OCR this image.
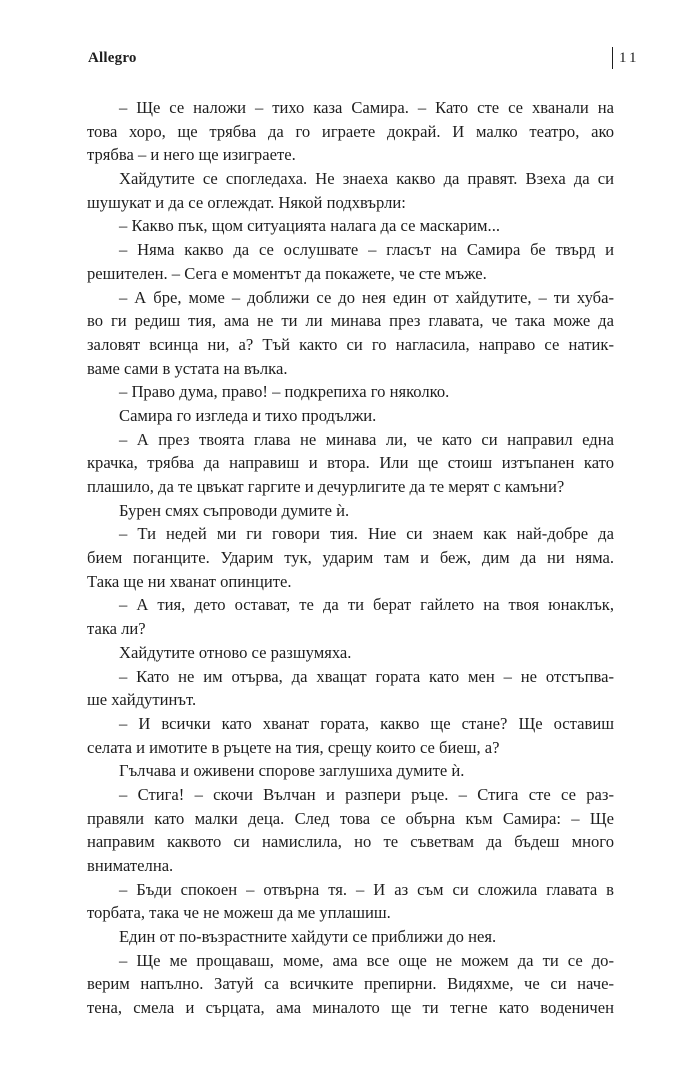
Allegro	11
– Ще се наложи – тихо каза Самира. – Като сте се хванали на
това хоро, ще трябва да го играете докрай. И малко театро, ако
трябва – и него ще изиграете.
Хайдутите се спогледаха. Не знаеха какво да правят. Взеха да си
шушукат и да се оглеждат. Някой подхвърли:
– Какво пък, щом ситуацията налага да се маскарим...
– Няма какво да се ослушвате – гласът на Самира бе твърд и
решителен. – Сега е моментът да покажете, че сте мъже.
– А бре, моме – доближи се до нея един от хайдутите, – ти хуба-
во ги редиш тия, ама не ти ли минава през главата, че така може да
заловят всинца ни, а? Тъй както си го нагласила, направо се натик-
ваме сами в устата на вълка.
– Право дума, право! – подкрепиха го няколко.
Самира го изгледа и тихо продължи.
– А през твоята глава не минава ли, че като си направил една
крачка, трябва да направиш и втора. Или ще стоиш изтъпанен като
плашило, да те цвъкат гаргите и дечурлигите да те мерят с камъни?
Бурен смях съпроводи думите ѝ.
– Ти недей ми ги говори тия. Ние си знаем как най-добре да
бием поганците. Ударим тук, ударим там и беж, дим да ни няма.
Така ще ни хванат опинците.
– А тия, дето остават, те да ти берат гайлето на твоя юнаклък,
така ли?
Хайдутите отново се разшумяха.
– Като не им отърва, да хващат гората като мен – не отстъпва-
ше хайдутинът.
– И всички като хванат гората, какво ще стане? Ще оставиш
селата и имотите в ръцете на тия, срещу които се биеш, а?
Гълчава и оживени спорове заглушиха думите ѝ.
– Стига! – скочи Вълчан и разпери ръце. – Стига сте се раз-
правяли като малки деца. След това се обърна към Самира: – Ще
направим каквото си намислила, но те съветвам да бъдеш много
внимателна.
– Бъди спокоен – отвърна тя. – И аз съм си сложила главата в
торбата, така че не можеш да ме уплашиш.
Един от по-възрастните хайдути се приближи до нея.
– Ще ме прощаваш, моме, ама все още не можем да ти се до-
верим напълно. Затуй са всичките препирни. Видяхме, че си наче-
тена, смела и сърцата, ама миналото ще ти тегне като воденичен
